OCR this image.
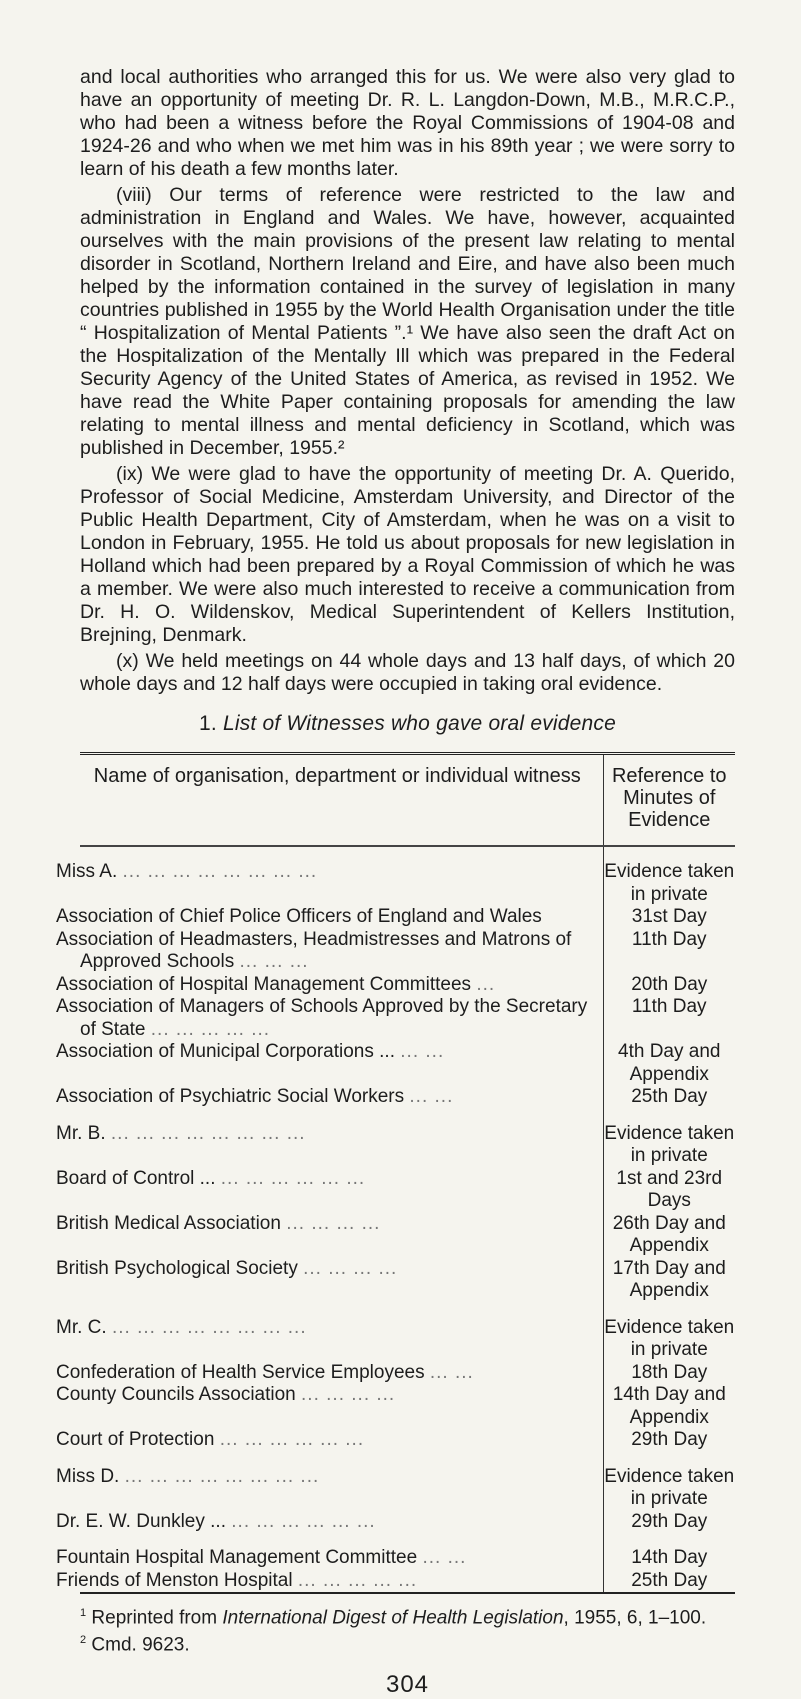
and local authorities who arranged this for us. We were also very glad to have an opportunity of meeting Dr. R. L. Langdon-Down, M.B., M.R.C.P., who had been a witness before the Royal Commissions of 1904-08 and 1924-26 and who when we met him was in his 89th year ; we were sorry to learn of his death a few months later.

(viii) Our terms of reference were restricted to the law and administration in England and Wales. We have, however, acquainted ourselves with the main provisions of the present law relating to mental disorder in Scotland, Northern Ireland and Eire, and have also been much helped by the information contained in the survey of legislation in many countries published in 1955 by the World Health Organisation under the title “ Hospitalization of Mental Patients ”.¹ We have also seen the draft Act on the Hospitalization of the Mentally Ill which was prepared in the Federal Security Agency of the United States of America, as revised in 1952. We have read the White Paper containing proposals for amending the law relating to mental illness and mental deficiency in Scotland, which was published in December, 1955.²

(ix) We were glad to have the opportunity of meeting Dr. A. Querido, Professor of Social Medicine, Amsterdam University, and Director of the Public Health Department, City of Amsterdam, when he was on a visit to London in February, 1955. He told us about proposals for new legislation in Holland which had been prepared by a Royal Commission of which he was a member. We were also much interested to receive a communication from Dr. H. O. Wildenskov, Medical Superintendent of Kellers Institution, Brejning, Denmark.

(x) We held meetings on 44 whole days and 13 half days, of which 20 whole days and 12 half days were occupied in taking oral evidence.

1. List of Witnesses who gave oral evidence
Name of organisation, department or individual witness	Reference to Minutes of Evidence
Miss A. ... ... ... ... ... ... ... ...	Evidence taken in private
Association of Chief Police Officers of England and Wales	31st Day
Association of Headmasters, Headmistresses and Matrons of Approved Schools ... ... ...	11th Day
Association of Hospital Management Committees ...	20th Day
Association of Managers of Schools Approved by the Secretary of State ... ... ... ... ...	11th Day
Association of Municipal Corporations ... ... ...	4th Day and Appendix
Association of Psychiatric Social Workers ... ...	25th Day
Mr. B. ... ... ... ... ... ... ... ...	Evidence taken in private
Board of Control ... ... ... ... ... ... ...	1st and 23rd Days
British Medical Association ... ... ... ...	26th Day and Appendix
British Psychological Society ... ... ... ...	17th Day and Appendix
Mr. C. ... ... ... ... ... ... ... ...	Evidence taken in private
Confederation of Health Service Employees ... ...	18th Day
County Councils Association ... ... ... ...	14th Day and Appendix
Court of Protection ... ... ... ... ... ...	29th Day
Miss D. ... ... ... ... ... ... ... ...	Evidence taken in private
Dr. E. W. Dunkley ... ... ... ... ... ... ...	29th Day
Fountain Hospital Management Committee ... ...	14th Day
Friends of Menston Hospital ... ... ... ... ...	25th Day

$^1$ Reprinted from International Digest of Health Legislation, 1955, 6, 1–100.

$^2$ Cmd. 9623.

304
